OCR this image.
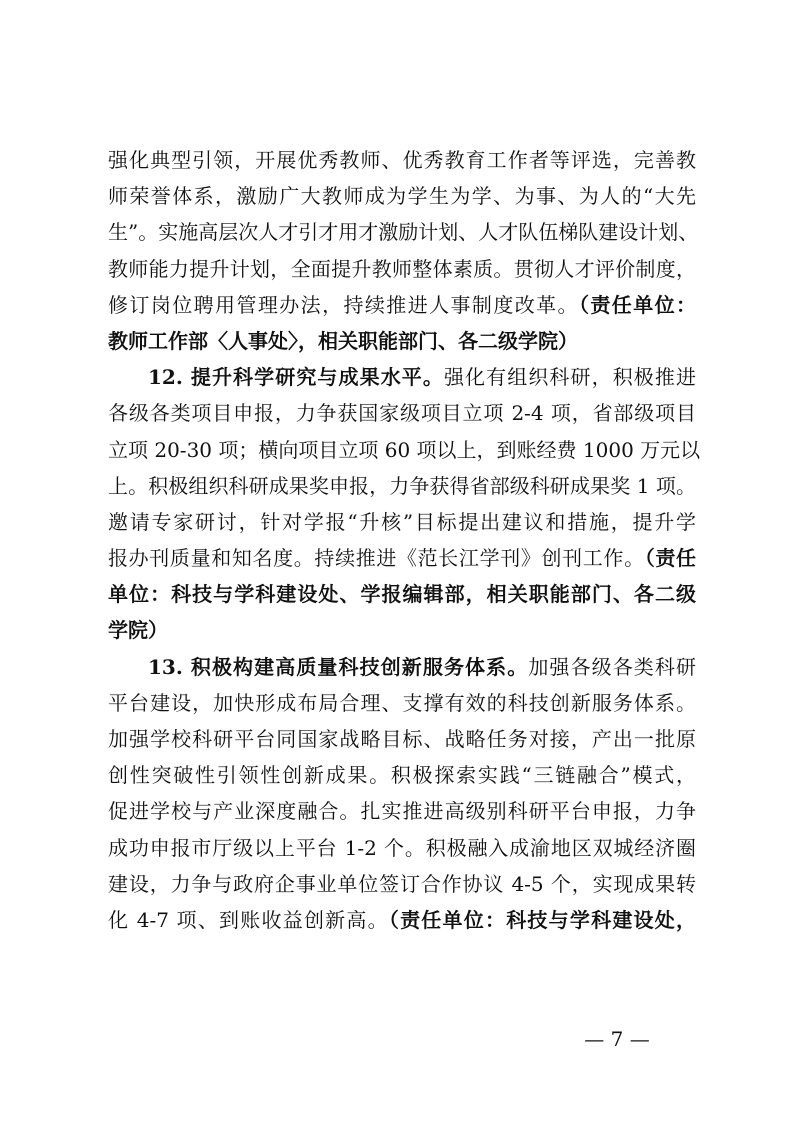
强化典型引领，开展优秀教师、优秀教育工作者等评选，完善教
师荣誉体系，激励广大教师成为学生为学、为事、为人的“大先
生”。实施高层次人才引才用才激励计划、人才队伍梯队建设计划、
教师能力提升计划，全面提升教师整体素质。贯彻人才评价制度，
修订岗位聘用管理办法，持续推进人事制度改革。（责任单位：
教师工作部〈人事处〉，相关职能部门、各二级学院）
12. 提升科学研究与成果水平。强化有组织科研，积极推进
各级各类项目申报，力争获国家级项目立项 2-4 项，省部级项目
立项 20-30 项；横向项目立项 60 项以上，到账经费 1000 万元以
上。积极组织科研成果奖申报，力争获得省部级科研成果奖 1 项。
邀请专家研讨，针对学报“升核”目标提出建议和措施，提升学
报办刊质量和知名度。持续推进《范长江学刊》创刊工作。（责任
单位：科技与学科建设处、学报编辑部，相关职能部门、各二级
学院）
13. 积极构建高质量科技创新服务体系。加强各级各类科研
平台建设，加快形成布局合理、支撑有效的科技创新服务体系。
加强学校科研平台同国家战略目标、战略任务对接，产出一批原
创性突破性引领性创新成果。积极探索实践“三链融合”模式，
促进学校与产业深度融合。扎实推进高级别科研平台申报，力争
成功申报市厅级以上平台 1-2 个。积极融入成渝地区双城经济圈
建设，力争与政府企事业单位签订合作协议 4-5 个，实现成果转
化 4-7 项、到账收益创新高。（责任单位：科技与学科建设处，
— 7 —
